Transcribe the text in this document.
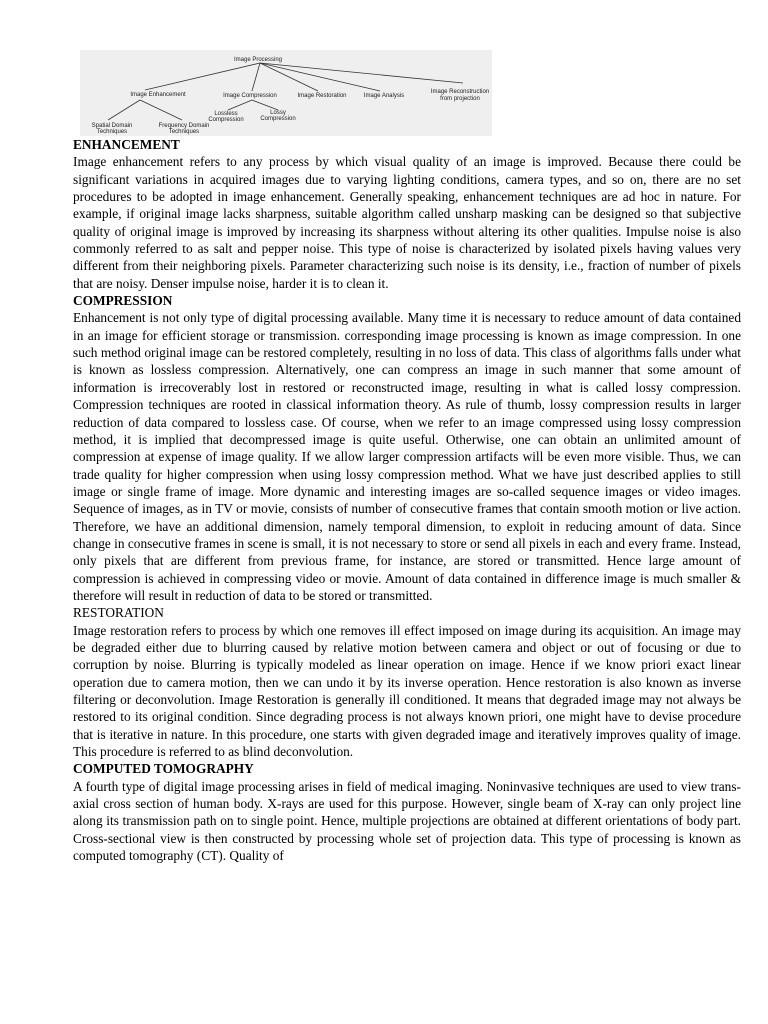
Image Processing
Image Enhancement	Image Compression	Image Restoration	Image Analysis
Image Reconstruction
from projection
Spatial Domain
Techniques
Frequency Domain
Techniques
Lossless
Compression
Lossy
Compression
ENHANCEMENT

Image enhancement refers to any process by which visual quality of an image is improved. Because there could be significant variations in acquired images due to varying lighting conditions, camera types, and so on, there are no set procedures to be adopted in image enhancement. Generally speaking, enhancement techniques are ad hoc in nature. For example, if original image lacks sharpness, suitable algorithm called unsharp masking can be designed so that subjective quality of original image is improved by increasing its sharpness without altering its other qualities. Impulse noise is also commonly referred to as salt and pepper noise. This type of noise is characterized by isolated pixels having values very different from their neighboring pixels. Parameter characterizing such noise is its density, i.e., fraction of number of pixels that are noisy. Denser impulse noise, harder it is to clean it.

COMPRESSION

Enhancement is not only type of digital processing available. Many time it is necessary to reduce amount of data contained in an image for efficient storage or transmission. corresponding image processing is known as image compression. In one such method original image can be restored completely, resulting in no loss of data. This class of algorithms falls under what is known as lossless compression. Alternatively, one can compress an image in such manner that some amount of information is irrecoverably lost in restored or reconstructed image, resulting in what is called lossy compression. Compression techniques are rooted in classical information theory. As rule of thumb, lossy compression results in larger reduction of data compared to lossless case. Of course, when we refer to an image compressed using lossy compression method, it is implied that decompressed image is quite useful. Otherwise, one can obtain an unlimited amount of compression at expense of image quality. If we allow larger compression artifacts will be even more visible. Thus, we can trade quality for higher compression when using lossy compression method. What we have just described applies to still image or single frame of image. More dynamic and interesting images are so-called sequence images or video images. Sequence of images, as in TV or movie, consists of number of consecutive frames that contain smooth motion or live action. Therefore, we have an additional dimension, namely temporal dimension, to exploit in reducing amount of data. Since change in consecutive frames in scene is small, it is not necessary to store or send all pixels in each and every frame. Instead, only pixels that are different from previous frame, for instance, are stored or transmitted. Hence large amount of compression is achieved in compressing video or movie. Amount of data contained in difference image is much smaller & therefore will result in reduction of data to be stored or transmitted.

RESTORATION

Image restoration refers to process by which one removes ill effect imposed on image during its acquisition. An image may be degraded either due to blurring caused by relative motion between camera and object or out of focusing or due to corruption by noise. Blurring is typically modeled as linear operation on image. Hence if we know priori exact linear operation due to camera motion, then we can undo it by its inverse operation. Hence restoration is also known as inverse filtering or deconvolution. Image Restoration is generally ill conditioned. It means that degraded image may not always be restored to its original condition. Since degrading process is not always known priori, one might have to devise procedure that is iterative in nature. In this procedure, one starts with given degraded image and iteratively improves quality of image. This procedure is referred to as blind deconvolution.

COMPUTED TOMOGRAPHY

A fourth type of digital image processing arises in field of medical imaging. Noninvasive techniques are used to view trans-axial cross section of human body. X-rays are used for this purpose. However, single beam of X-ray can only project line along its transmission path on to single point. Hence, multiple projections are obtained at different orientations of body part. Cross-sectional view is then constructed by processing whole set of projection data. This type of processing is known as computed tomography (CT). Quality of
